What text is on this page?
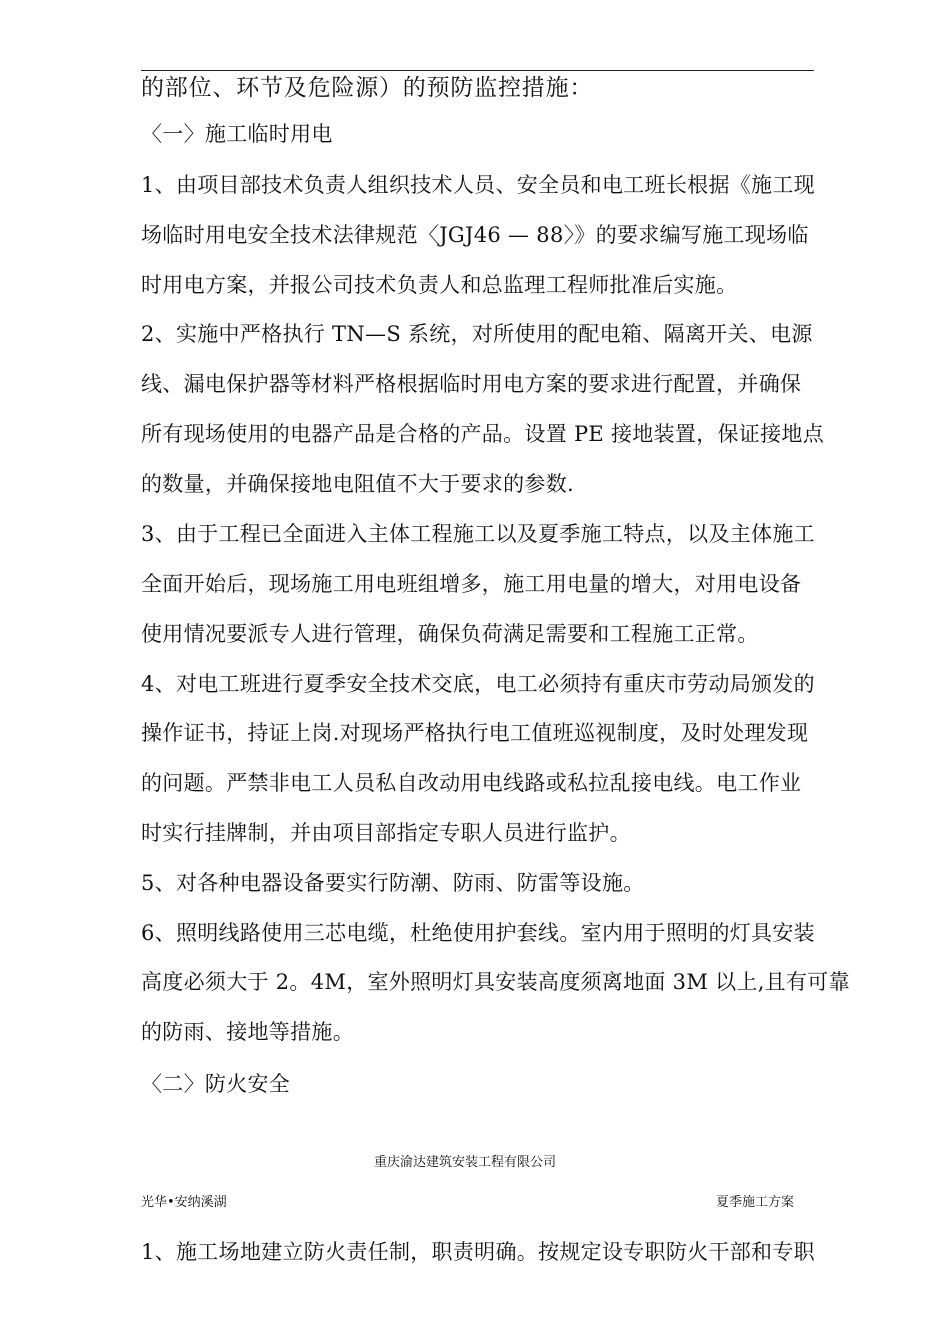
的部位、环节及危险源）的预防监控措施：
〈一〉施工临时用电
1、由项目部技术负责人组织技术人员、安全员和电工班长根据《施工现
场临时用电安全技术法律规范〈JGJ46 — 88〉》的要求编写施工现场临
时用电方案，并报公司技术负责人和总监理工程师批准后实施。
2、实施中严格执行 TN—S 系统，对所使用的配电箱、隔离开关、电源
线、漏电保护器等材料严格根据临时用电方案的要求进行配置，并确保
所有现场使用的电器产品是合格的产品。设置 PE 接地装置，保证接地点
的数量，并确保接地电阻值不大于要求的参数.
3、由于工程已全面进入主体工程施工以及夏季施工特点，以及主体施工
全面开始后，现场施工用电班组增多，施工用电量的增大，对用电设备
使用情况要派专人进行管理，确保负荷满足需要和工程施工正常。
4、对电工班进行夏季安全技术交底，电工必须持有重庆市劳动局颁发的
操作证书，持证上岗.对现场严格执行电工值班巡视制度，及时处理发现
的问题。严禁非电工人员私自改动用电线路或私拉乱接电线。电工作业
时实行挂牌制，并由项目部指定专职人员进行监护。
5、对各种电器设备要实行防潮、防雨、防雷等设施。
6、照明线路使用三芯电缆，杜绝使用护套线。室内用于照明的灯具安装
高度必须大于 2。4M，室外照明灯具安装高度须离地面 3M 以上,且有可靠
的防雨、接地等措施。
〈二〉防火安全
重庆渝达建筑安装工程有限公司
光华•安纳溪湖	夏季施工方案
1、施工场地建立防火责任制，职责明确。按规定设专职防火干部和专职
